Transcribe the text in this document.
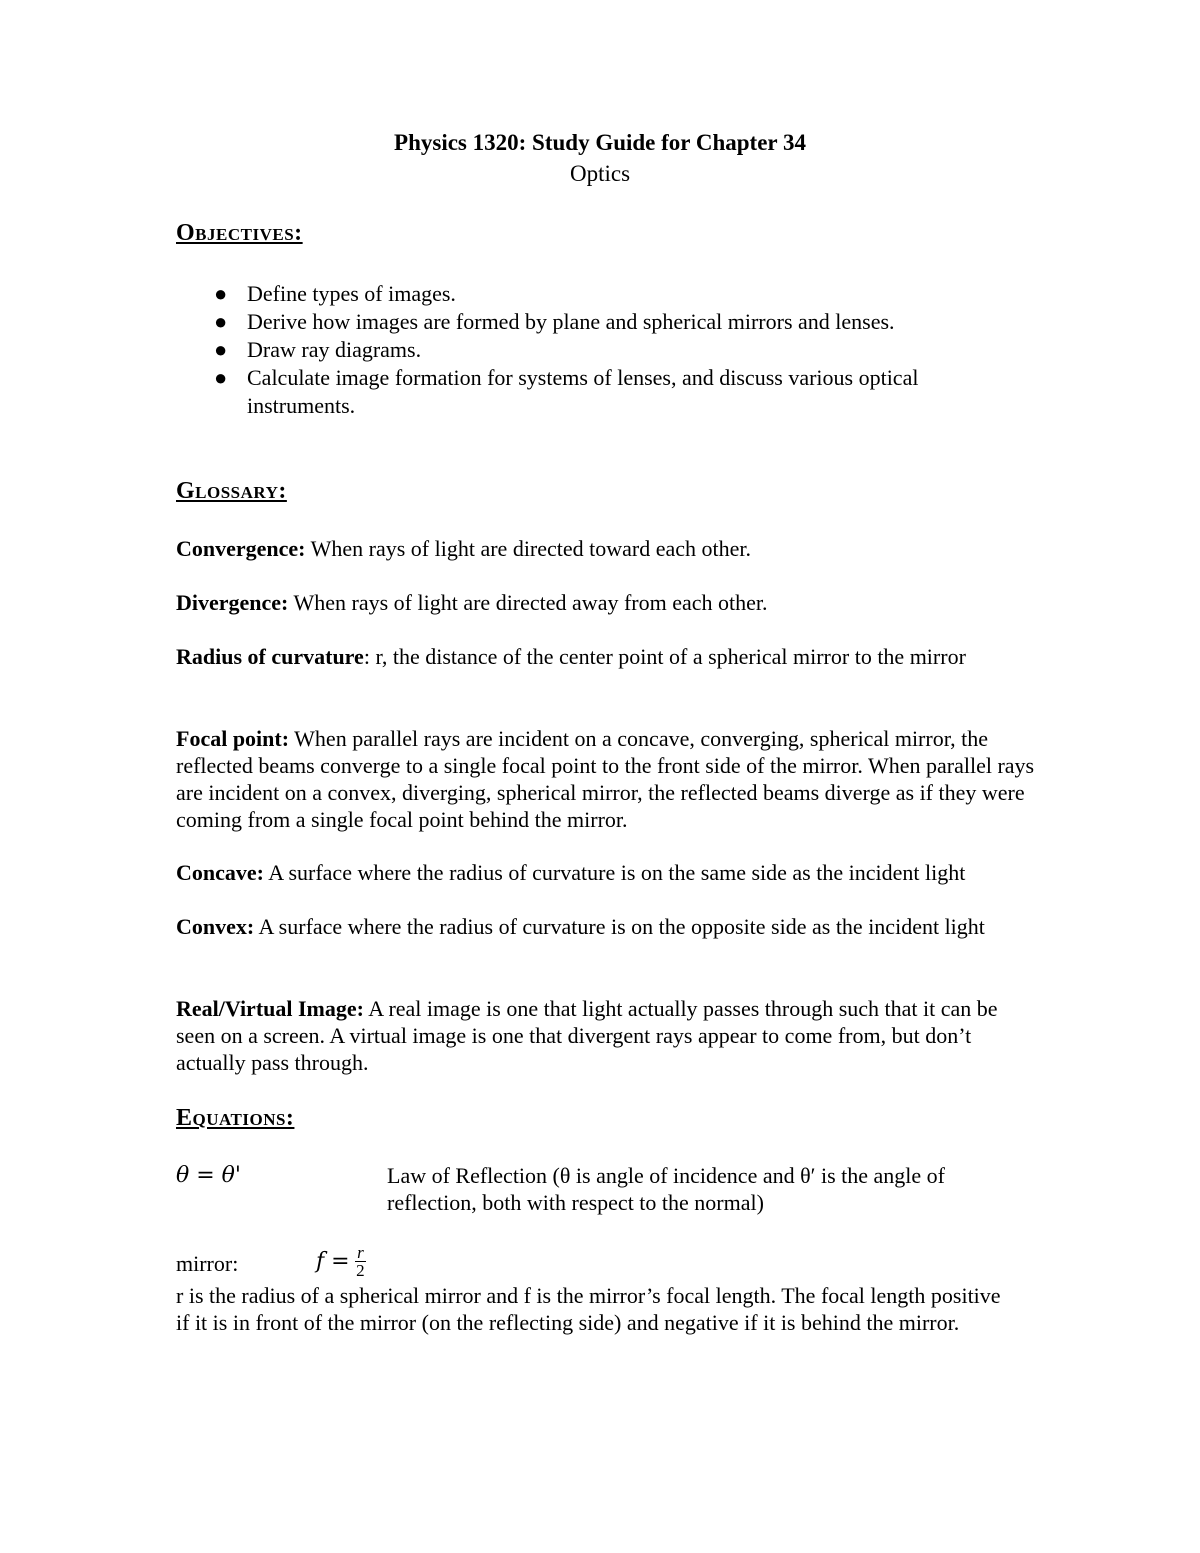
Physics 1320: Study Guide for Chapter 34
Optics
Objectives:
● Define types of images.
● Derive how images are formed by plane and spherical mirrors and lenses.
● Draw ray diagrams.
● Calculate image formation for systems of lenses, and discuss various optical instruments.
Glossary:
Convergence: When rays of light are directed toward each other.
Divergence: When rays of light are directed away from each other.
Radius of curvature: r, the distance of the center point of a spherical mirror to the mirror
Focal point: When parallel rays are incident on a concave, converging, spherical mirror, the reflected beams converge to a single focal point to the front side of the mirror. When parallel rays are incident on a convex, diverging, spherical mirror, the reflected beams diverge as if they were coming from a single focal point behind the mirror.
Concave: A surface where the radius of curvature is on the same side as the incident light
Convex: A surface where the radius of curvature is on the opposite side as the incident light
Real/Virtual Image: A real image is one that light actually passes through such that it can be seen on a screen. A virtual image is one that divergent rays appear to come from, but don’t actually pass through.
Equations:
θ = θ'	Law of Reflection (θ is angle of incidence and θ′ is the angle of reflection, both with respect to the normal)
mirror:	$f = \frac{r}{2}$
r is the radius of a spherical mirror and f is the mirror’s focal length. The focal length positive if it is in front of the mirror (on the reflecting side) and negative if it is behind the mirror.
